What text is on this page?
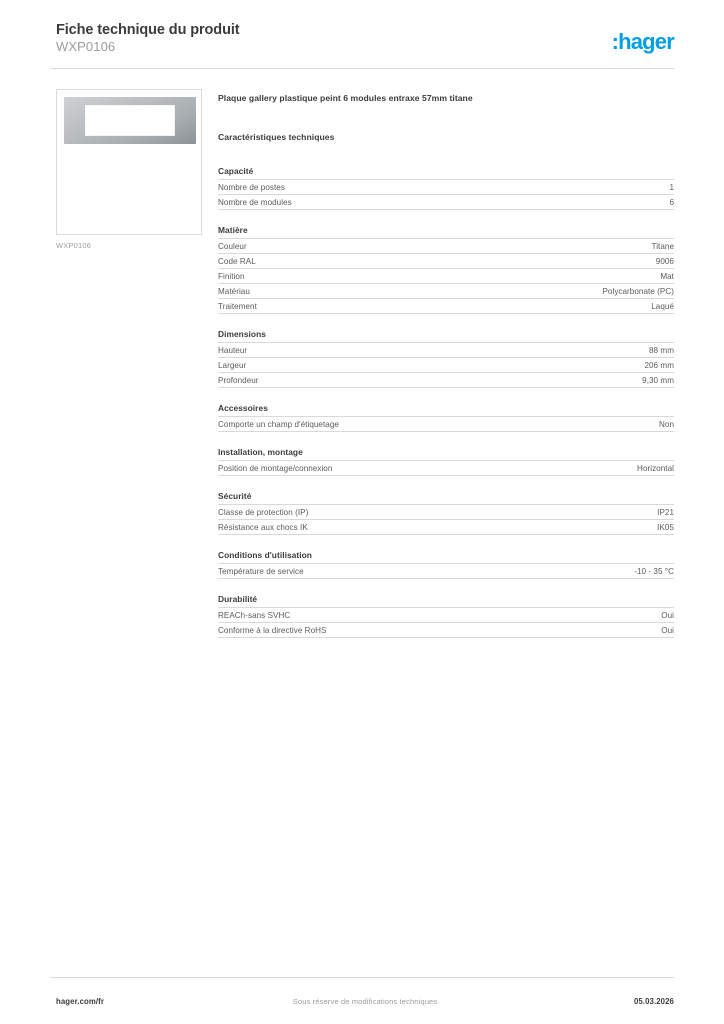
Fiche technique du produit
WXP0106	:hager
WXP0106
Plaque gallery plastique peint 6 modules entraxe 57mm titane
Caractéristiques techniques
Capacité
Nombre de postes	1
Nombre de modules	6
Matière
Couleur	Titane
Code RAL	9006
Finition	Mat
Matériau	Polycarbonate (PC)
Traitement	Laqué
Dimensions
Hauteur	88 mm
Largeur	206 mm
Profondeur	9,30 mm
Accessoires
Comporte un champ d'étiquetage	Non
Installation, montage
Position de montage/connexion	Horizontal
Sécurité
Classe de protection (IP)	IP21
Résistance aux chocs IK	IK05
Conditions d'utilisation
Température de service	-10 - 35 °C
Durabilité
REACh-sans SVHC	Oui
Conforme à la directive RoHS	Oui
hager.com/fr	Sous réserve de modifications techniques	05.03.2026
